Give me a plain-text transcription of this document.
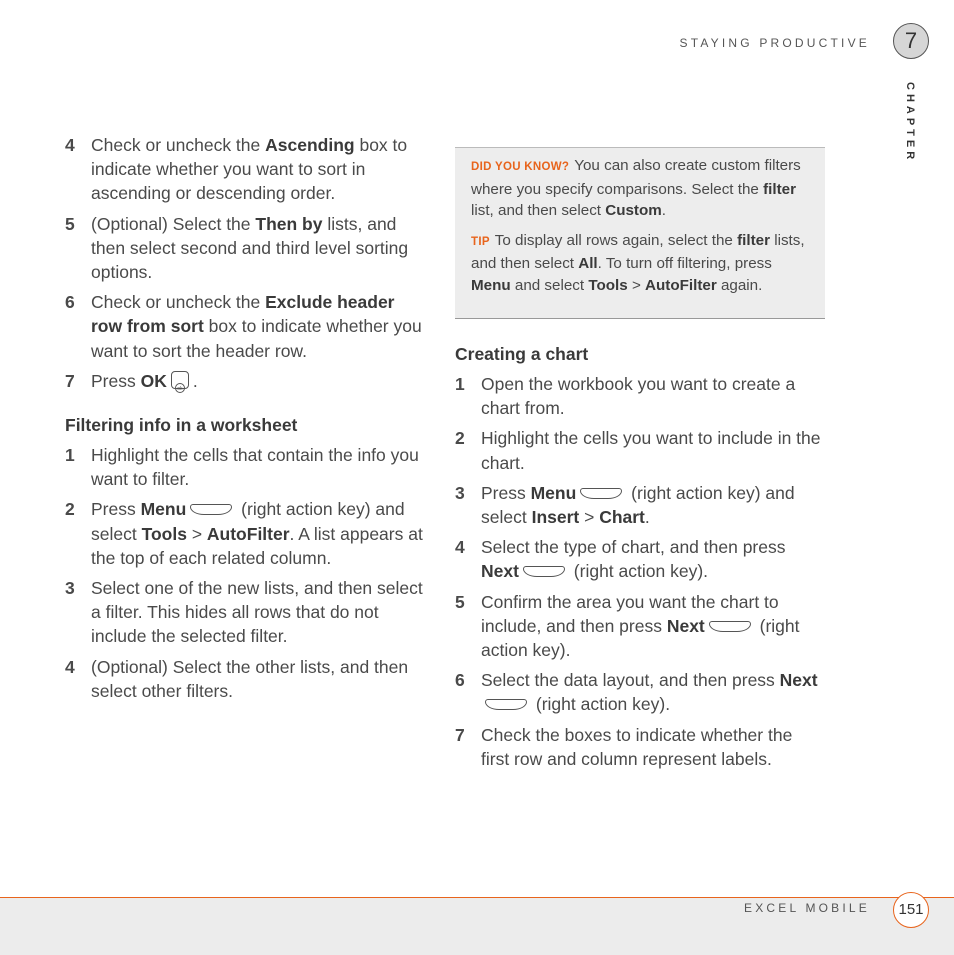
STAYING PRODUCTIVE	7
CHAPTER
4 Check or uncheck the Ascending box to indicate whether you want to sort in ascending or descending order.
5 (Optional) Select the Then by lists, and then select second and third level sorting options.
6 Check or uncheck the Exclude header row from sort box to indicate whether you want to sort the header row.
7 Press OK ok .
Filtering info in a worksheet
1 Highlight the cells that contain the info you want to filter.
2 Press Menu	(right action key) and select Tools > AutoFilter. A list appears at the top of each related column.
3 Select one of the new lists, and then select a filter. This hides all rows that do not include the selected filter.
4 (Optional) Select the other lists, and then select other filters.

DID YOU KNOW? You can also create custom filters where you specify comparisons. Select the filter list, and then select Custom.

TIP To display all rows again, select the filter lists, and then select All. To turn off filtering, press Menu and select Tools > AutoFilter again.

Creating a chart
1 Open the workbook you want to create a chart from.
2 Highlight the cells you want to include in the chart.
3 Press Menu	(right action key) and select Insert > Chart.
4 Select the type of chart, and then press Next	(right action key).
5 Confirm the area you want the chart to include, and then press Next	(right action key).
6 Select the data layout, and then press Next (right action key).
7 Check the boxes to indicate whether the first row and column represent labels.
EXCEL MOBILE	151
